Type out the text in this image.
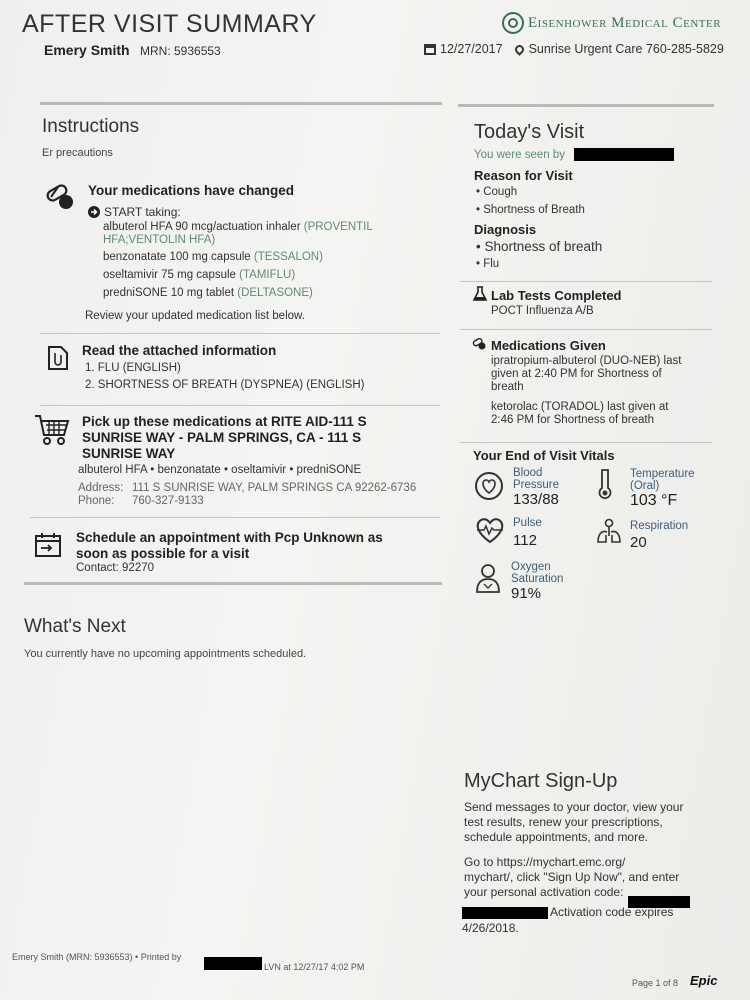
AFTER VISIT SUMMARY	Eisenhower Medical Center
Emery Smith MRN: 5936553	12/27/2017 Sunrise Urgent Care 760-285-5829
Instructions
Er precautions
Your medications have changed
START taking:
albuterol HFA 90 mcg/actuation inhaler (PROVENTIL
HFA;VENTOLIN HFA)
benzonatate 100 mg capsule (TESSALON)
oseltamivir 75 mg capsule (TAMIFLU)
predniSONE 10 mg tablet (DELTASONE)
Review your updated medication list below.
Read the attached information
1. FLU (ENGLISH)
2. SHORTNESS OF BREATH (DYSPNEA) (ENGLISH)
Pick up these medications at RITE AID-111 S
SUNRISE WAY - PALM SPRINGS, CA - 111 S
SUNRISE WAY
albuterol HFA • benzonatate • oseltamivir • predniSONE
Address: 111 S SUNRISE WAY, PALM SPRINGS CA 92262-6736
Phone: 760-327-9133
Schedule an appointment with Pcp Unknown as
soon as possible for a visit
Contact: 92270
What's Next
You currently have no upcoming appointments scheduled.
Today's Visit
You were seen by
Reason for Visit
• Cough
• Shortness of Breath
Diagnosis
• Shortness of breath
• Flu
Lab Tests Completed
POCT Influenza A/B
Medications Given
ipratropium-albuterol (DUO-NEB) last
given at 2:40 PM for Shortness of
breath
ketorolac (TORADOL) last given at
2:46 PM for Shortness of breath
Your End of Visit Vitals
Blood
Pressure
133/88
Temperature
(Oral)
103 °F
Pulse
112
Respiration
20
Oxygen
Saturation
91%
MyChart Sign-Up
Send messages to your doctor, view your
test results, renew your prescriptions,
schedule appointments, and more.
Go to https://mychart.emc.org/
mychart/, click "Sign Up Now", and enter
your personal activation code:
Activation code expires
4/26/2018.
Emery Smith (MRN: 5936553) • Printed by
LVN at 12/27/17 4:02 PM
Page 1 of 8 Epic
